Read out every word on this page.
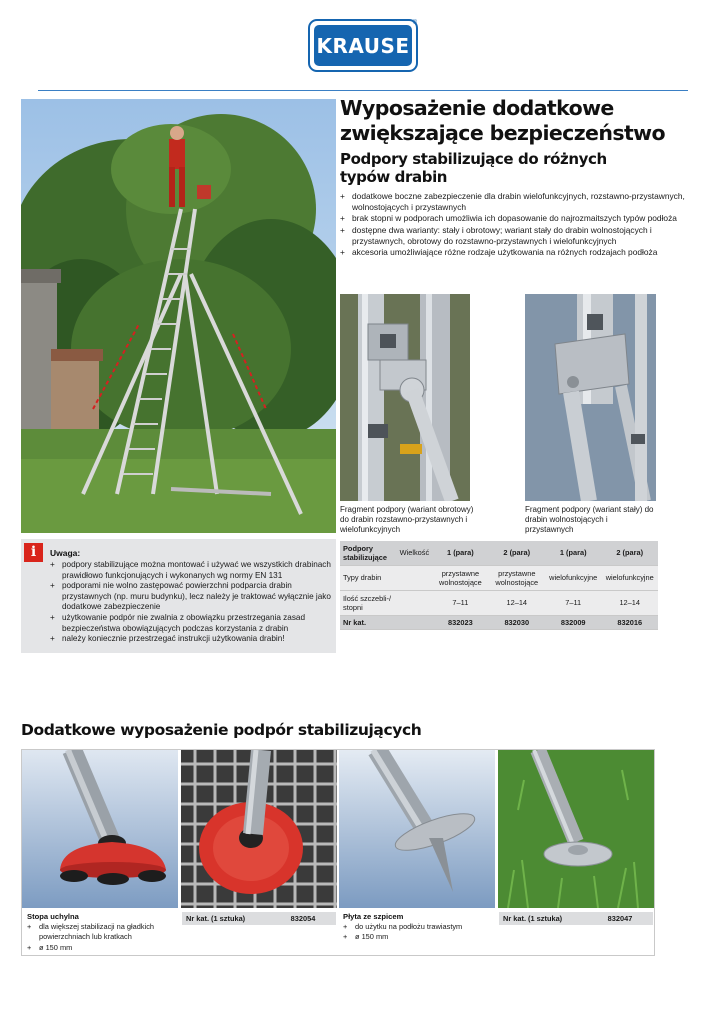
KRAUSE
®
Wyposażenie dodatkowe
zwiększające bezpieczeństwo
Podpory stabilizujące do różnych
typów drabin
+ dodatkowe boczne zabezpieczenie dla drabin wielofunkcyjnych, rozstawno-przystawnych, wolnostojących i przystawnych
+ brak stopni w podporach umożliwia ich dopasowanie do najrozmaitszych typów podłoża
+ dostępne dwa warianty: stały i obrotowy; wariant stały do drabin wolnostojących i przystawnych, obrotowy do rozstawno-przystawnych i wielofunkcyjnych
+ akcesoria umożliwiające różne rodzaje użytkowania na różnych rodzajach podłoża
Fragment podpory (wariant obrotowy) do drabin rozstawno-przystawnych i wielofunkcyjnych
Fragment podpory (wariant stały) do drabin wolnostojących i przystawnych
i	Uwaga:
+ podpory stabilizujące można montować i używać we wszystkich drabinach prawidłowo funkcjonujących i wykonanych wg normy EN 131
+ podporami nie wolno zastępować powierzchni podparcia drabin przystawnych (np. muru budynku), lecz należy je traktować wyłącznie jako dodatkowe zabezpieczenie
+ użytkowanie podpór nie zwalnia z obowiązku przestrzegania zasad bezpieczeństwa obowiązujących podczas korzystania z drabin
+ należy koniecznie przestrzegać instrukcji użytkowania drabin!
Podpory stabilizujące	Wielkość	1 (para)	2 (para)	1 (para)	2 (para)
Typy drabin		przystawne wolnostojące	przystawne wolnostojące	wielofunkcyjne	wielofunkcyjne
Ilość szczebli-/ stopni		7–11	12–14	7–11	12–14
Nr kat.		832023	832030	832009	832016
Dodatkowe wyposażenie podpór stabilizujących
Stopa uchylna
+ dla większej stabilizacji na gładkich powierzchniach lub kratkach
+ ø 150 mm
Nr kat. (1 sztuka)	832054	Płyta ze szpicem
+ do użytku na podłożu trawiastym
+ ø 150 mm
Nr kat. (1 sztuka)	832047
